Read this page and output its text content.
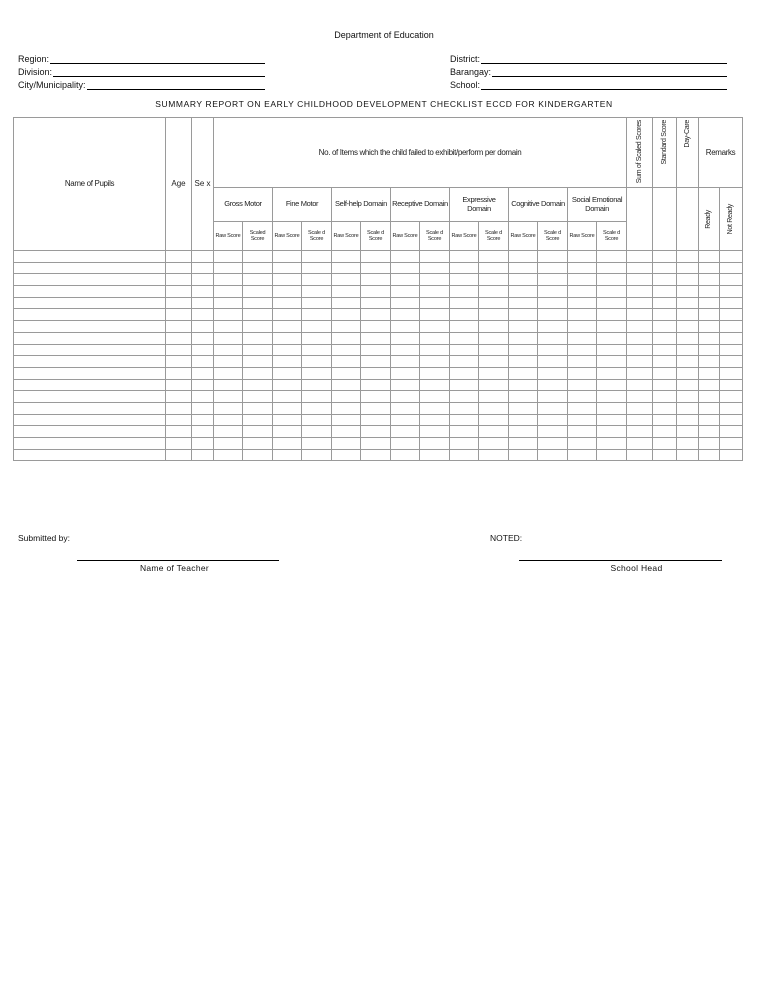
Department of Education
Region:
Division:
City/Municipality:
District:
Barangay:
School:
SUMMARY REPORT ON EARLY CHILDHOOD DEVELOPMENT CHECKLIST ECCD FOR KINDERGARTEN
Name of Pupils	Age	Se x	No. of Items which the child failed to exhibit/perform per domain														Sum of Scaled Scores	Standard Score	Day-Care	Remarks	
			Gross Motor		Fine Motor		Self-help Domain		Receptive Domain		Expressive Domain		Cognitive Domain		Social Emotional Domain					Ready	Not Ready

			Raw Score	Scaled Score	Raw Score	Scale d Score	Raw Score	Scale d Score	Raw Score	Scale d Score	Raw Score	Scale d Score	Raw Score	Scale d Score	Raw Score	Scale d Score					

Submitted by:	NOTED:
Name of Teacher	School Head
